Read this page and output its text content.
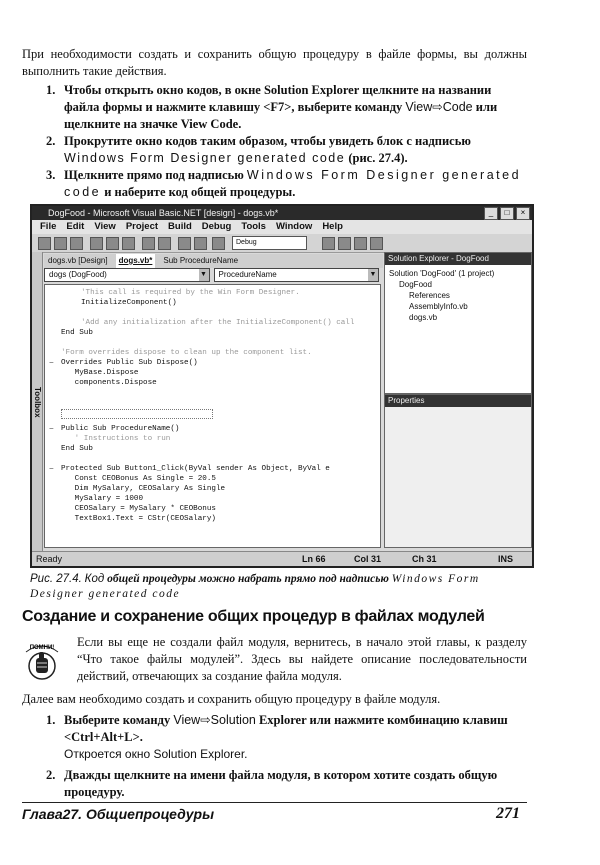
При необходимости создать и сохранить общую процедуру в файле формы, вы должны выполнить такие действия.
1. Чтобы открыть окно кодов, в окне Solution Explorer щелкните на названии файла формы и нажмите клавишу <F7>, выберите команду View⇨Code или щелкните на значке View Code.
2. Прокрутите окно кодов таким образом, чтобы увидеть блок с надписью Windows Form Designer generated code (рис. 27.4).
3. Щелкните прямо под надписью Windows Form Designer generated code и наберите код общей процедуры.
DogFood - Microsoft Visual Basic.NET [design] - dogs.vb*	_	□	×
File Edit View Project Build Debug Tools Window Help
Debug
Toolbox
dogs.vb [Design]	dogs.vb*	Sub ProcedureName
dogs (DogFood)	▼	ProcedureName	▼
'This call is required by the Win Form Designer.
InitializeComponent()
'Add any initialization after the InitializeComponent() call
End Sub
'Form overrides dispose to clean up the component list.
− Overrides Public Sub Dispose()
MyBase.Dispose
components.Dispose
− Public Sub ProcedureName()
' Instructions to run
End Sub
− Protected Sub Button1_Click(ByVal sender As Object, ByVal e
Const CEOBonus As Single = 20.5
Dim MySalary, CEOSalary As Single
MySalary = 1000
CEOSalary = MySalary * CEOBonus
TextBox1.Text = CStr(CEOSalary)
Solution Explorer - DogFood
Solution 'DogFood' (1 project)
DogFood
References
AssemblyInfo.vb
dogs.vb
Properties
Ready	Ln 66	Col 31	Ch 31	INS
Рис. 27.4. Код общей процедуры можно набрать прямо под надписью Windows Form Designer generated code
Создание и сохранение общих процедур в файлах модулей
ПОМНИ! Если вы еще не создали файл модуля, вернитесь, в начало этой главы, к разделу “Что такое файлы модулей”. Здесь вы найдете описание последовательности действий, отвечающих за создание файла модуля.
Далее вам необходимо создать и сохранить общую процедуру в файле модуля.
1. Выберите команду View⇨Solution Explorer или нажмите комбинацию клавиш <Ctrl+Alt+L>.
Откроется окно Solution Explorer.
2. Дважды щелкните на имени файла модуля, в котором хотите создать общую процедуру.
Глава27. Общиепроцедуры	271
